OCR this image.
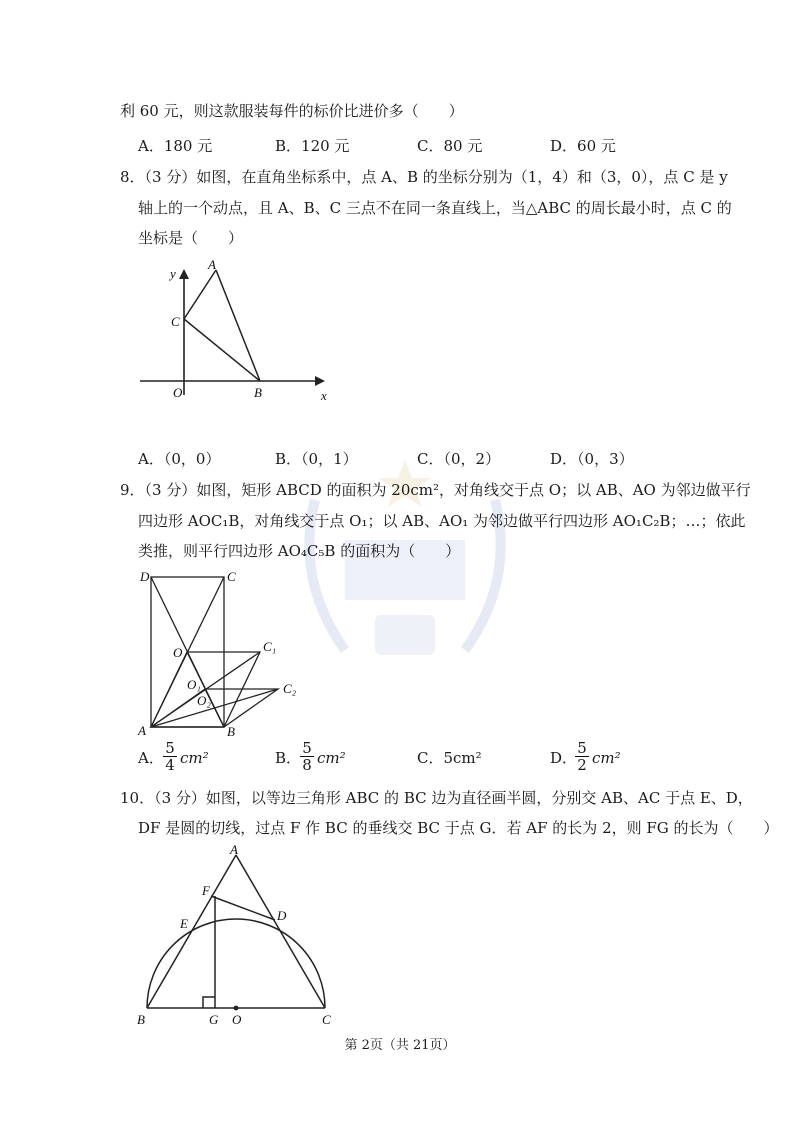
利 60 元，则这款服装每件的标价比进价多（　　）
A．180 元	B．120 元	C．80 元	D．60 元
8．（3 分）如图，在直角坐标系中，点 A、B 的坐标分别为（1，4）和（3，0），点 C 是 y
轴上的一个动点，且 A、B、C 三点不在同一条直线上，当△ABC 的周长最小时，点 C 的
坐标是（　　）
A
C
O	B	x
y
A．（0，0）	B．（0，1）	C．（0，2）	D．（0，3）
9．（3 分）如图，矩形 ABCD 的面积为 20cm²，对角线交于点 O；以 AB、AO 为邻边做平行
四边形 AOC₁B，对角线交于点 O₁；以 AB、AO₁ 为邻边做平行四边形 AO₁C₂B；…；依此
类推，则平行四边形 AO₄C₅B 的面积为（　　）
D	C
O	C₁
O₁
O₂
C₂
A	B
A．
5
4 cm²	B．
5
8 cm²	C．5cm²	D．
5
2 cm²
10．（3 分）如图，以等边三角形 ABC 的 BC 边为直径画半圆，分别交 AB、AC 于点 E、D，
DF 是圆的切线，过点 F 作 BC 的垂线交 BC 于点 G．若 AF 的长为 2，则 FG 的长为（　　）
A
F
E
D
B	G O	C
第 2页（共 21页）
